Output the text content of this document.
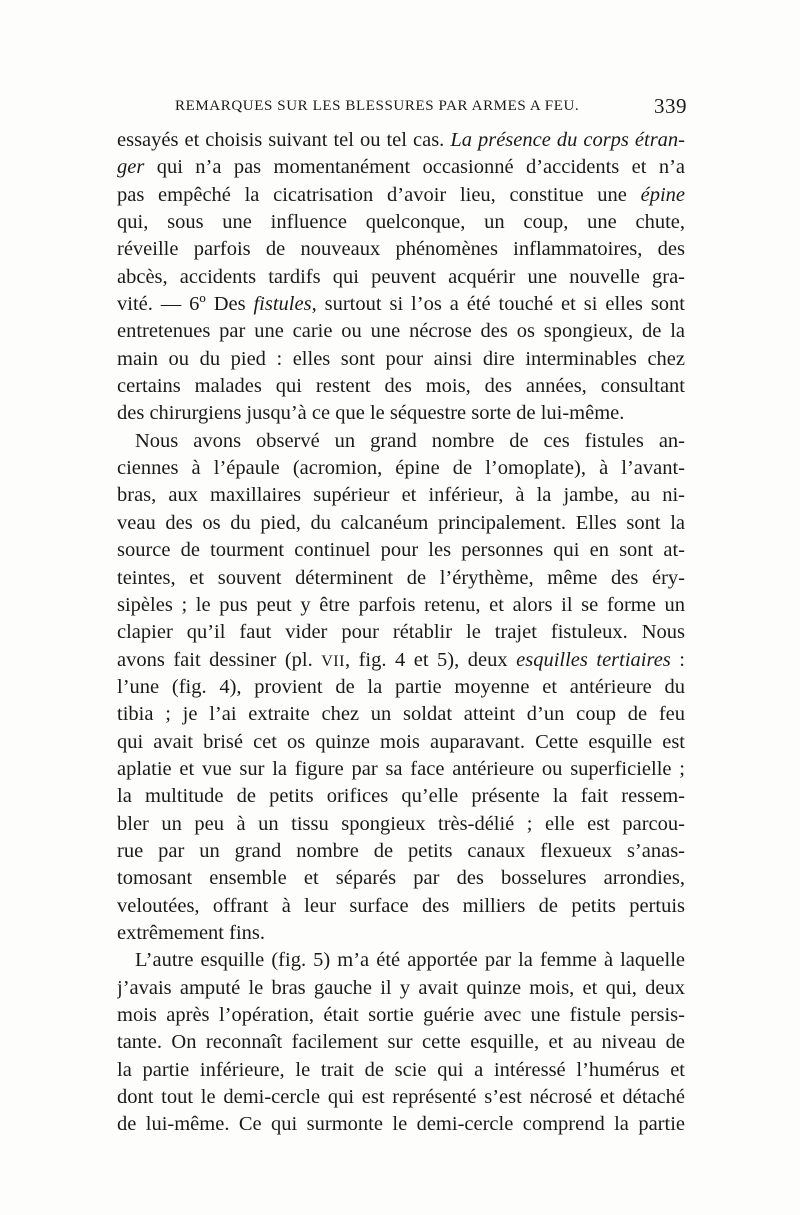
REMARQUES SUR LES BLESSURES PAR ARMES A FEU.	339
essayés et choisis suivant tel ou tel cas. La présence du corps étran-
ger qui n’a pas momentanément occasionné d’accidents et n’a
pas empêché la cicatrisation d’avoir lieu, constitue une épine
qui, sous une influence quelconque, un coup, une chute,
réveille parfois de nouveaux phénomènes inflammatoires, des
abcès, accidents tardifs qui peuvent acquérir une nouvelle gra-
vité. — 6º Des fistules, surtout si l’os a été touché et si elles sont
entretenues par une carie ou une nécrose des os spongieux, de la
main ou du pied : elles sont pour ainsi dire interminables chez
certains malades qui restent des mois, des années, consultant
des chirurgiens jusqu’à ce que le séquestre sorte de lui-même.
Nous avons observé un grand nombre de ces fistules an-
ciennes à l’épaule (acromion, épine de l’omoplate), à l’avant-
bras, aux maxillaires supérieur et inférieur, à la jambe, au ni-
veau des os du pied, du calcanéum principalement. Elles sont la
source de tourment continuel pour les personnes qui en sont at-
teintes, et souvent déterminent de l’érythème, même des éry-
sipèles ; le pus peut y être parfois retenu, et alors il se forme un
clapier qu’il faut vider pour rétablir le trajet fistuleux. Nous
avons fait dessiner (pl. VII, fig. 4 et 5), deux esquilles tertiaires :
l’une (fig. 4), provient de la partie moyenne et antérieure du
tibia ; je l’ai extraite chez un soldat atteint d’un coup de feu
qui avait brisé cet os quinze mois auparavant. Cette esquille est
aplatie et vue sur la figure par sa face antérieure ou superficielle ;
la multitude de petits orifices qu’elle présente la fait ressem-
bler un peu à un tissu spongieux très-délié ; elle est parcou-
rue par un grand nombre de petits canaux flexueux s’anas-
tomosant ensemble et séparés par des bosselures arrondies,
veloutées, offrant à leur surface des milliers de petits pertuis
extrêmement fins.
L’autre esquille (fig. 5) m’a été apportée par la femme à laquelle
j’avais amputé le bras gauche il y avait quinze mois, et qui, deux
mois après l’opération, était sortie guérie avec une fistule persis-
tante. On reconnaît facilement sur cette esquille, et au niveau de
la partie inférieure, le trait de scie qui a intéressé l’humérus et
dont tout le demi-cercle qui est représenté s’est nécrosé et détaché
de lui-même. Ce qui surmonte le demi-cercle comprend la partie
